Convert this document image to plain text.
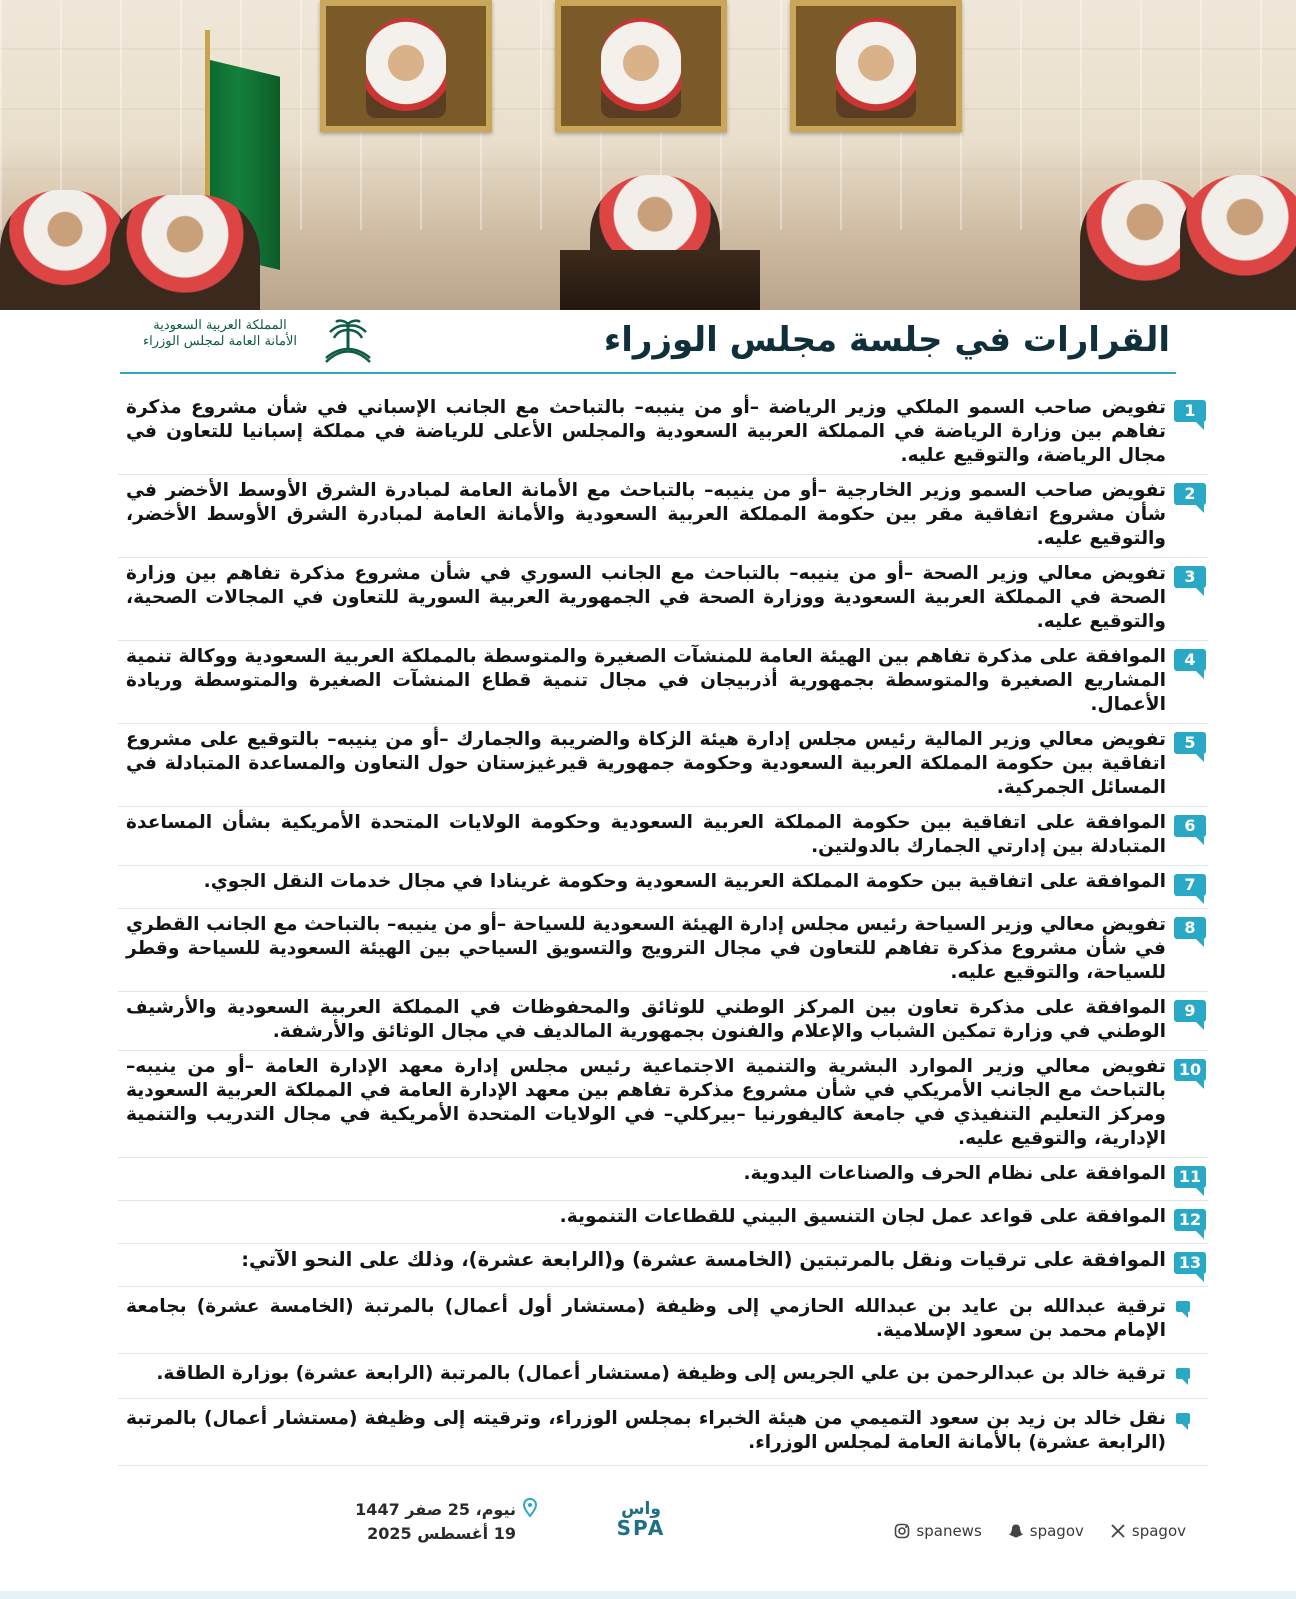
القرارات في جلسة مجلس الوزراء
المملكة العربية السعودية
الأمانة العامة لمجلس الوزراء
1
تفويض صاحب السمو الملكي وزير الرياضة –أو من ينيبه– بالتباحث مع الجانب الإسباني في شأن مشروع مذكرة تفاهم بين وزارة الرياضة في المملكة العربية السعودية والمجلس الأعلى للرياضة في مملكة إسبانيا للتعاون في مجال الرياضة، والتوقيع عليه.
2
تفويض صاحب السمو وزير الخارجية –أو من ينيبه– بالتباحث مع الأمانة العامة لمبادرة الشرق الأوسط الأخضر في شأن مشروع اتفاقية مقر بين حكومة المملكة العربية السعودية والأمانة العامة لمبادرة الشرق الأوسط الأخضر، والتوقيع عليه.
3
تفويض معالي وزير الصحة –أو من ينيبه– بالتباحث مع الجانب السوري في شأن مشروع مذكرة تفاهم بين وزارة الصحة في المملكة العربية السعودية ووزارة الصحة في الجمهورية العربية السورية للتعاون في المجالات الصحية، والتوقيع عليه.
4
الموافقة على مذكرة تفاهم بين الهيئة العامة للمنشآت الصغيرة والمتوسطة بالمملكة العربية السعودية ووكالة تنمية المشاريع الصغيرة والمتوسطة بجمهورية أذربيجان في مجال تنمية قطاع المنشآت الصغيرة والمتوسطة وريادة الأعمال.
5
تفويض معالي وزير المالية رئيس مجلس إدارة هيئة الزكاة والضريبة والجمارك –أو من ينيبه– بالتوقيع على مشروع اتفاقية بين حكومة المملكة العربية السعودية وحكومة جمهورية قيرغيزستان حول التعاون والمساعدة المتبادلة في المسائل الجمركية.
6
الموافقة على اتفاقية بين حكومة المملكة العربية السعودية وحكومة الولايات المتحدة الأمريكية بشأن المساعدة المتبادلة بين إدارتي الجمارك بالدولتين.
7
الموافقة على اتفاقية بين حكومة المملكة العربية السعودية وحكومة غرينادا في مجال خدمات النقل الجوي.
8
تفويض معالي وزير السياحة رئيس مجلس إدارة الهيئة السعودية للسياحة –أو من ينيبه– بالتباحث مع الجانب القطري في شأن مشروع مذكرة تفاهم للتعاون في مجال الترويج والتسويق السياحي بين الهيئة السعودية للسياحة وقطر للسياحة، والتوقيع عليه.
9
الموافقة على مذكرة تعاون بين المركز الوطني للوثائق والمحفوظات في المملكة العربية السعودية والأرشيف الوطني في وزارة تمكين الشباب والإعلام والفنون بجمهورية المالديف في مجال الوثائق والأرشفة.
10
تفويض معالي وزير الموارد البشرية والتنمية الاجتماعية رئيس مجلس إدارة معهد الإدارة العامة –أو من ينيبه– بالتباحث مع الجانب الأمريكي في شأن مشروع مذكرة تفاهم بين معهد الإدارة العامة في المملكة العربية السعودية ومركز التعليم التنفيذي في جامعة كاليفورنيا –بيركلي– في الولايات المتحدة الأمريكية في مجال التدريب والتنمية الإدارية، والتوقيع عليه.
11
الموافقة على نظام الحرف والصناعات اليدوية.
12
الموافقة على قواعد عمل لجان التنسيق البيني للقطاعات التنموية.
13
الموافقة على ترقيات ونقل بالمرتبتين (الخامسة عشرة) و(الرابعة عشرة)، وذلك على النحو الآتي:
ترقية عبدالله بن عايد بن عبدالله الحازمي إلى وظيفة (مستشار أول أعمال) بالمرتبة (الخامسة عشرة) بجامعة الإمام محمد بن سعود الإسلامية.
ترقية خالد بن عبدالرحمن بن علي الجريس إلى وظيفة (مستشار أعمال) بالمرتبة (الرابعة عشرة) بوزارة الطاقة.
نقل خالد بن زيد بن سعود التميمي من هيئة الخبراء بمجلس الوزراء، وترقيته إلى وظيفة (مستشار أعمال) بالمرتبة (الرابعة عشرة) بالأمانة العامة لمجلس الوزراء.
نيوم، 25 صفر 1447
19 أغسطس 2025
واس
SPA	spanews	spagov	spagov
